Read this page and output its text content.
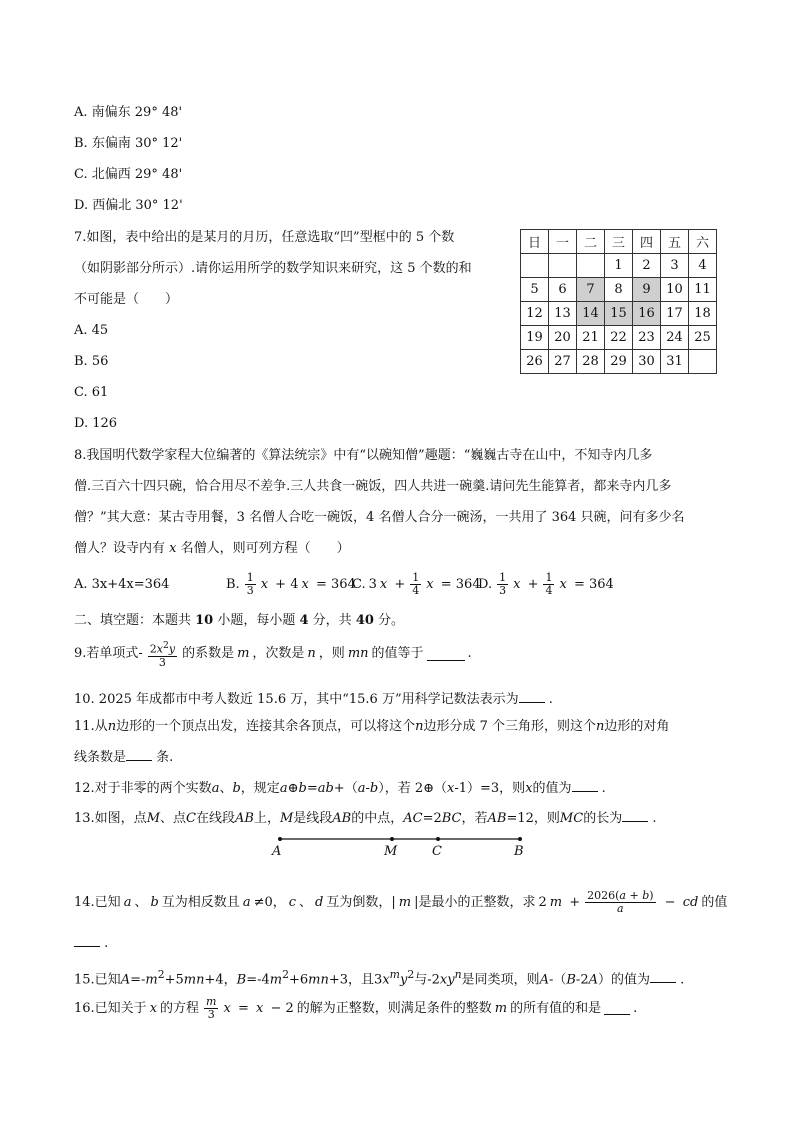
A. 南偏东 29° 48'
B. 东偏南 30° 12'
C. 北偏西 29° 48'
D. 西偏北 30° 12'
7.如图，表中给出的是某月的月历，任意选取“凹”型框中的 5 个数
（如阴影部分所示）.请你运用所学的数学知识来研究，这 5 个数的和
不可能是（　　）
A. 45
B. 56
C. 61
D. 126
日	一	二	三	四	五	六
			1	2	3	4
5	6	7	8	9	10	11
12	13	14	15	16	17	18
19	20	21	22	23	24	25
26	27	28	29	30	31	
8.我国明代数学家程大位编著的《算法统宗》中有“以碗知僧”趣题：“巍巍古寺在山中，不知寺内几多
僧.三百六十四只碗，恰合用尽不差争.三人共食一碗饭，四人共进一碗羹.请问先生能算者，都来寺内几多
僧？”其大意：某古寺用餐，3 名僧人合吃一碗饭，4 名僧人合分一碗汤，一共用了 364 只碗，问有多少名
僧人？设寺内有 x 名僧人，则可列方程（　　）
A. 3x+4x=364	B. $\frac{1}{3}$ x + 4 x = 364
C. 3 $x + \frac{1}{4}$ x = 364
D. $\frac{1}{3}$ $x + \frac{1}{4}$ x = 364
二、填空题：本题共 10 小题，每小题 4 分，共 40 分。
9.若单项式- $\frac{2x^2y}{3}$ 的系数是 m ，次数是 n ，则 mn 的值等于	.
10. 2025 年成都市中考人数近 15.6 万，其中“15.6 万”用科学记数法表示为 .
11.从n边形的一个顶点出发，连接其余各顶点，可以将这个n边形分成 7 个三角形，则这个n边形的对角
线条数是 条.
12.对于非零的两个实数a、b，规定a⊕b=ab+（a-b），若 2⊕（x-1）=3，则x的值为 .
13.如图，点M、点C在线段AB上，M是线段AB的中点，AC=2BC，若AB=12，则MC的长为 .
A	M	C	B
14.已知 a 、 b 互为相反数且 a ≠0， c 、 d 互为倒数，| m |是最小的正整数，求 2 $m + \frac{2026(a + b)}{a}$ − cd 的值
.
15.已知$A=-m^2+5mn+4$，$B=-4m^2+6mn+3$，且$3x^my^2$与$-2xy^n$是同类项，则A-（B-2A）的值为 .
16.已知关于 x 的方程 $\frac{m}{3}$ x = x − 2 的解为正整数，则满足条件的整数 m 的所有值的和是 .
